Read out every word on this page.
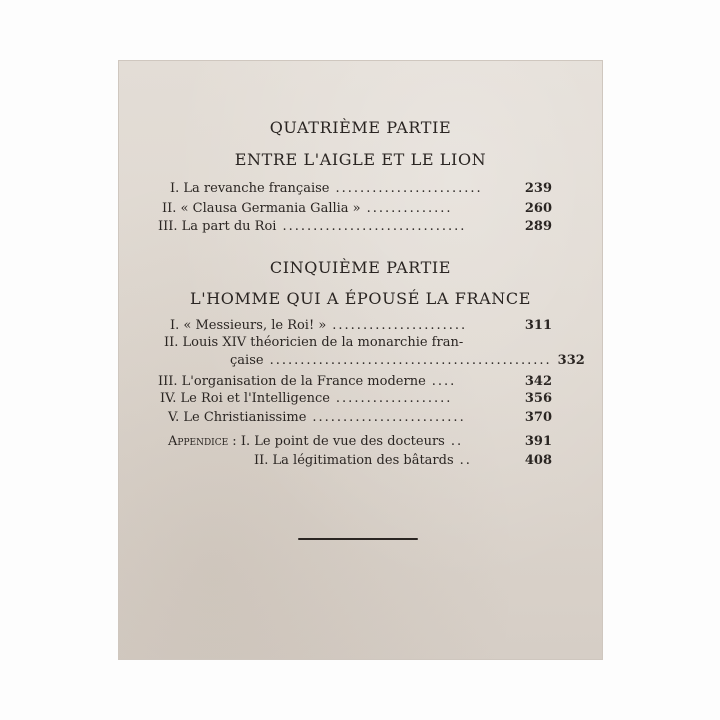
QUATRIÈME PARTIE
ENTRE L'AIGLE ET LE LION
I. La revanche française ........................	239
II. « Clausa Germania Gallia » ..............	260
III. La part du Roi ..............................	289
CINQUIÈME PARTIE
L'HOMME QUI A ÉPOUSÉ LA FRANCE
I. « Messieurs, le Roi! » ......................	311
II. Louis XIV théoricien de la monarchie fran-
çaise .............................................. 332
III. L'organisation de la France moderne ....	342
IV. Le Roi et l'Intelligence ...................	356
V. Le Christianissime .........................	370
Appendice : I. Le point de vue des docteurs ..	391
II. La légitimation des bâtards ..	408
